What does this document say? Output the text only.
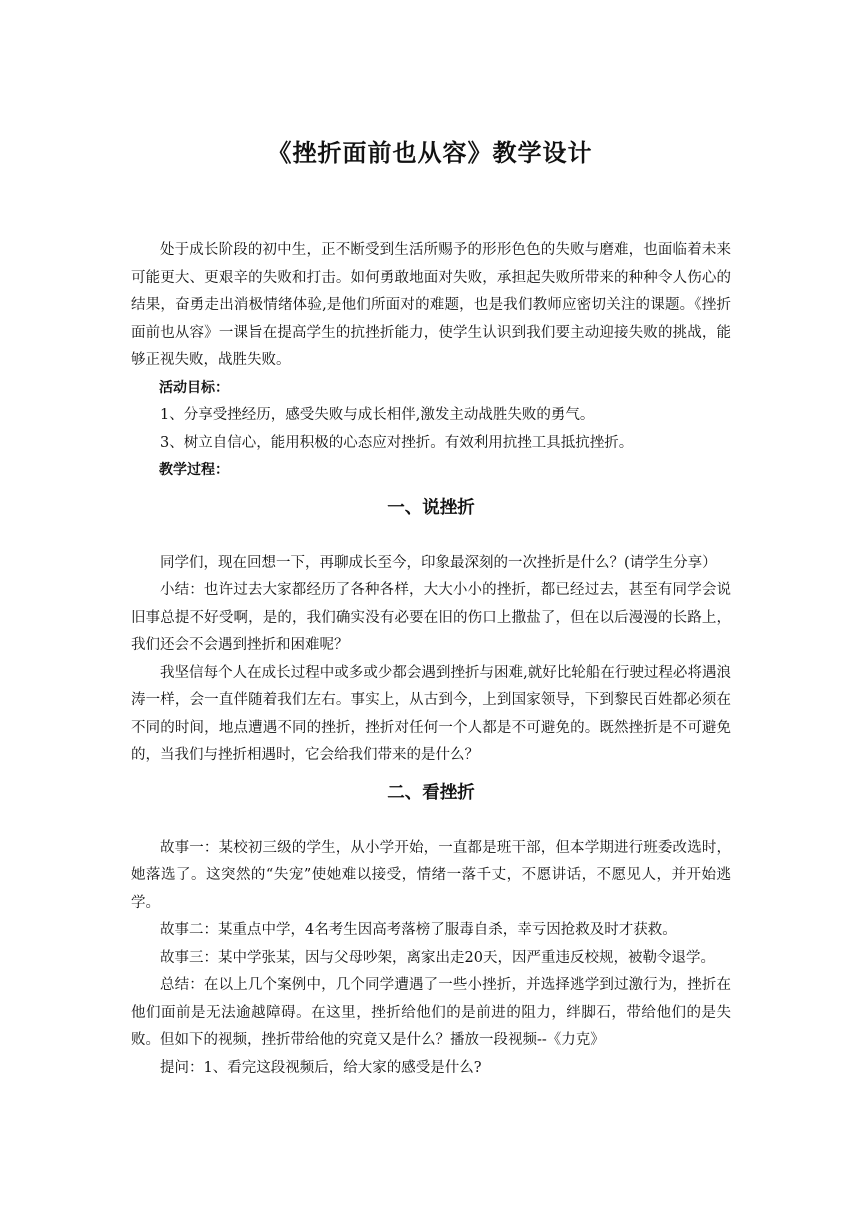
《挫折面前也从容》教学设计

处于成长阶段的初中生，正不断受到生活所赐予的形形色色的失败与磨难，也面临着未来可能更大、更艰辛的失败和打击。如何勇敢地面对失败，承担起失败所带来的种种令人伤心的结果，奋勇走出消极情绪体验,是他们所面对的难题，也是我们教师应密切关注的课题。《挫折面前也从容》一课旨在提高学生的抗挫折能力，使学生认识到我们要主动迎接失败的挑战，能够正视失败，战胜失败。

活动目标：

1、分享受挫经历，感受失败与成长相伴,激发主动战胜失败的勇气。

3、树立自信心，能用积极的心态应对挫折。有效利用抗挫工具抵抗挫折。

教学过程：

一、说挫折

同学们，现在回想一下，再聊成长至今，印象最深刻的一次挫折是什么？(请学生分享）

小结：也许过去大家都经历了各种各样，大大小小的挫折，都已经过去，甚至有同学会说旧事总提不好受啊，是的，我们确实没有必要在旧的伤口上撒盐了，但在以后漫漫的长路上，我们还会不会遇到挫折和困难呢？

我坚信每个人在成长过程中或多或少都会遇到挫折与困难,就好比轮船在行驶过程必将遇浪涛一样，会一直伴随着我们左右。事实上，从古到今，上到国家领导，下到黎民百姓都必须在不同的时间，地点遭遇不同的挫折，挫折对任何一个人都是不可避免的。既然挫折是不可避免的，当我们与挫折相遇时，它会给我们带来的是什么？

二、看挫折

故事一：某校初三级的学生，从小学开始，一直都是班干部，但本学期进行班委改选时，她落选了。这突然的“失宠”使她难以接受，情绪一落千丈，不愿讲话，不愿见人，并开始逃学。

故事二：某重点中学，4名考生因高考落榜了服毒自杀，幸亏因抢救及时才获救。

故事三：某中学张某，因与父母吵架，离家出走20天，因严重违反校规，被勒令退学。

总结：在以上几个案例中，几个同学遭遇了一些小挫折，并选择逃学到过激行为，挫折在他们面前是无法逾越障碍。在这里，挫折给他们的是前进的阻力，绊脚石，带给他们的是失败。但如下的视频，挫折带给他的究竟又是什么？播放一段视频--《力克》

提问：1、看完这段视频后，给大家的感受是什么?
